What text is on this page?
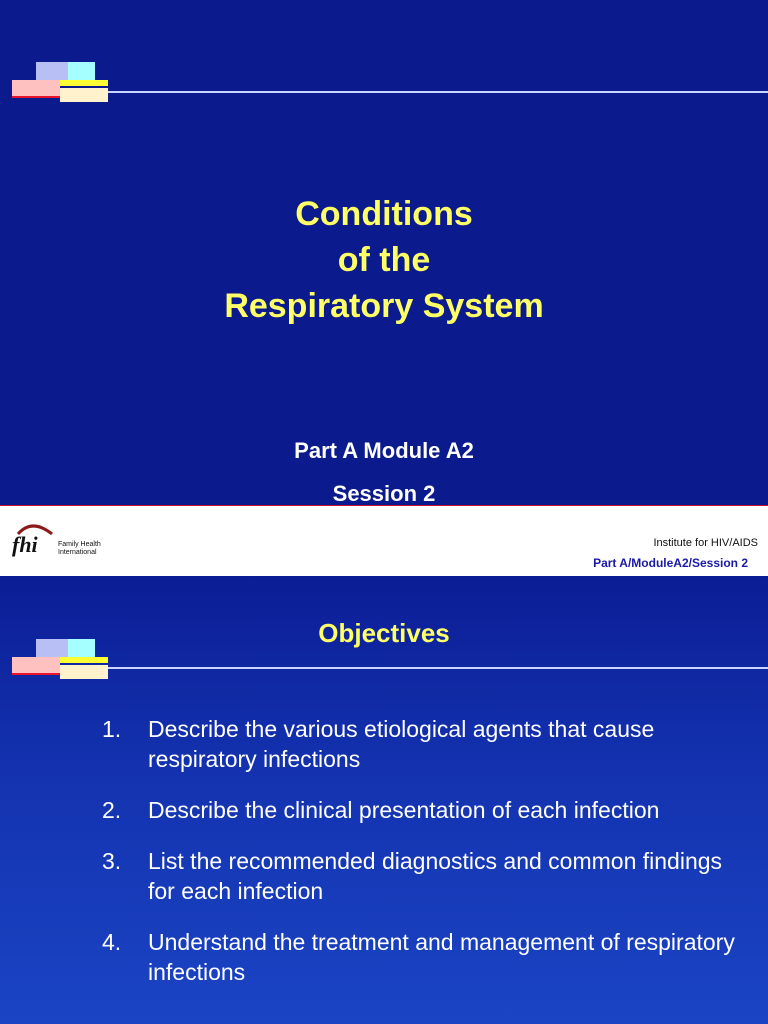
Conditions
of the
Respiratory System
Part A Module A2
Session 2
fhi	Family Health
International
Institute for HIV/AIDS
Part A/ModuleA2/Session 2
Objectives
1. Describe the various etiological agents that cause respiratory infections
2. Describe the clinical presentation of each infection
3. List the recommended diagnostics and common findings for each infection
4. Understand the treatment and management of respiratory infections
